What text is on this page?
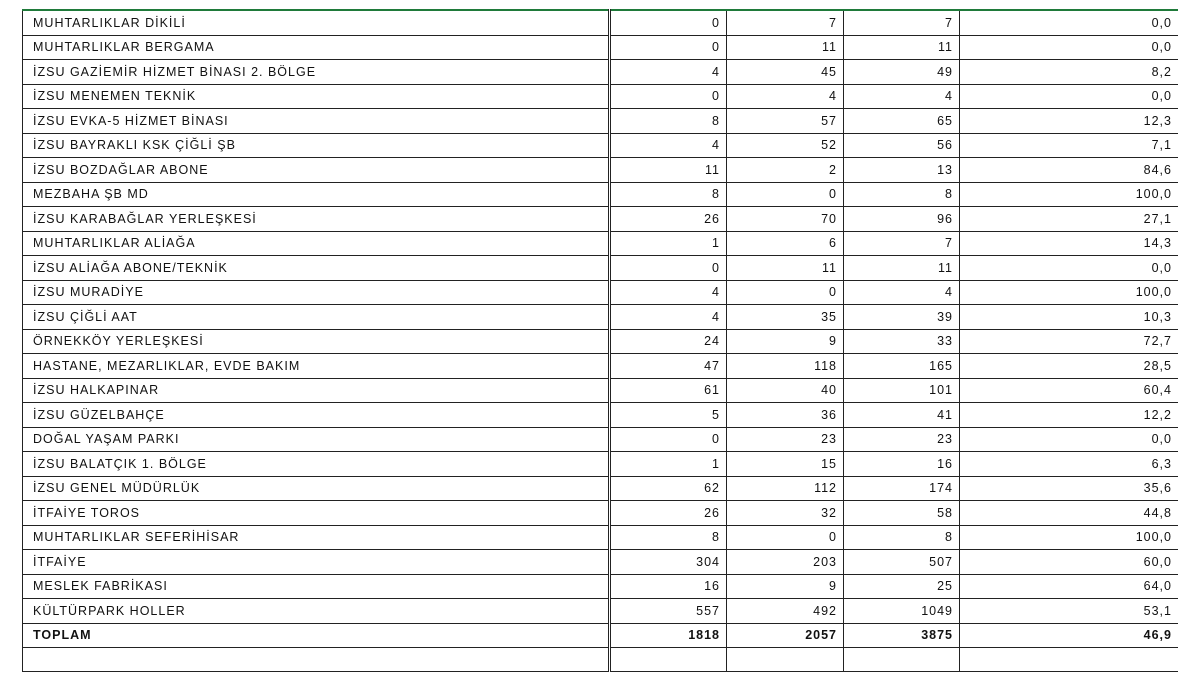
MUHTARLIKLAR DİKİLİ	0	7	7	0,0
MUHTARLIKLAR BERGAMA	0	11	11	0,0
İZSU GAZİEMİR HİZMET BİNASI 2. BÖLGE	4	45	49	8,2
İZSU MENEMEN TEKNİK	0	4	4	0,0
İZSU EVKA-5 HİZMET BİNASI	8	57	65	12,3
İZSU BAYRAKLI KSK ÇİĞLİ ŞB	4	52	56	7,1
İZSU BOZDAĞLAR ABONE	11	2	13	84,6
MEZBAHA ŞB MD	8	0	8	100,0
İZSU KARABAĞLAR YERLEŞKESİ	26	70	96	27,1
MUHTARLIKLAR ALİAĞA	1	6	7	14,3
İZSU ALİAĞA ABONE/TEKNİK	0	11	11	0,0
İZSU MURADİYE	4	0	4	100,0
İZSU ÇİĞLİ AAT	4	35	39	10,3
ÖRNEKKÖY YERLEŞKESİ	24	9	33	72,7
HASTANE, MEZARLIKLAR, EVDE BAKIM	47	118	165	28,5
İZSU HALKAPINAR	61	40	101	60,4
İZSU GÜZELBAHÇE	5	36	41	12,2
DOĞAL YAŞAM PARKI	0	23	23	0,0
İZSU BALATÇIK 1. BÖLGE	1	15	16	6,3
İZSU GENEL MÜDÜRLÜK	62	112	174	35,6
İTFAİYE TOROS	26	32	58	44,8
MUHTARLIKLAR SEFERİHİSAR	8	0	8	100,0
İTFAİYE	304	203	507	60,0
MESLEK FABRİKASI	16	9	25	64,0
KÜLTÜRPARK HOLLER	557	492	1049	53,1
TOPLAM	1818	2057	3875	46,9
